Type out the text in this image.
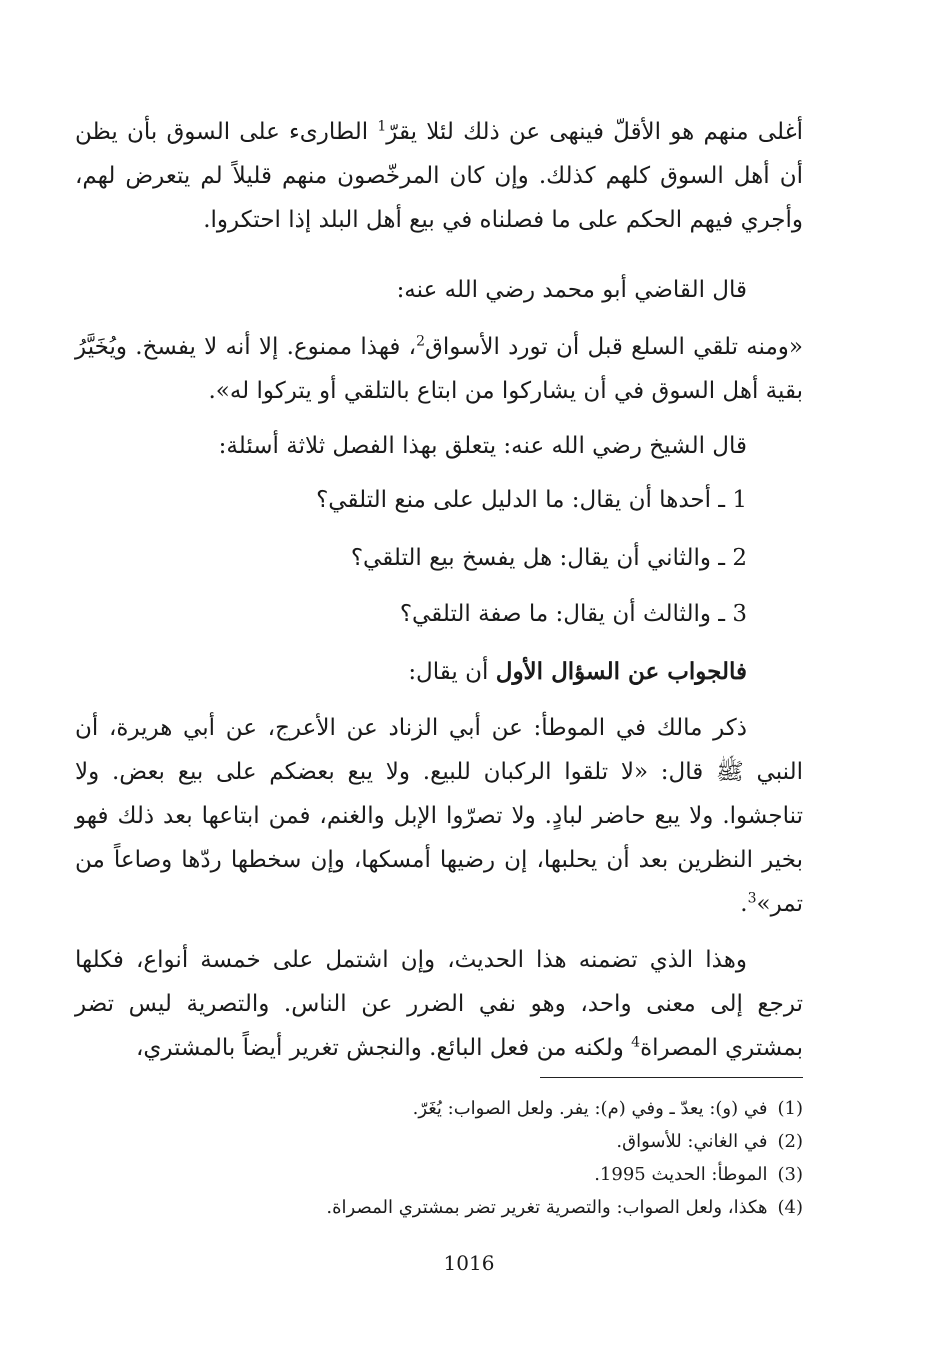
أغلى منهم هو الأقلّ فينهى عن ذلك لئلا يقرّ$^1$ الطارىء على السوق بأن يظن أن أهل السوق كلهم كذلك. وإن كان المرخّصون منهم قليلاً لم يتعرض لهم، وأجري فيهم الحكم على ما فصلناه في بيع أهل البلد إذا احتكروا.
قال القاضي أبو محمد رضي الله عنه:
«ومنه تلقي السلع قبل أن تورد الأسواق$^2$، فهذا ممنوع. إلا أنه لا يفسخ. ويُخَيَّرُ بقية أهل السوق في أن يشاركوا من ابتاع بالتلقي أو يتركوا له».
قال الشيخ رضي الله عنه: يتعلق بهذا الفصل ثلاثة أسئلة:
1 ـ أحدها أن يقال: ما الدليل على منع التلقي؟
2 ـ والثاني أن يقال: هل يفسخ بيع التلقي؟
3 ـ والثالث أن يقال: ما صفة التلقي؟
فالجواب عن السؤال الأول أن يقال:
ذكر مالك في الموطأ: عن أبي الزناد عن الأعرج، عن أبي هريرة، أن النبي ﷺ قال: «لا تلقوا الركبان للبيع. ولا يبع بعضكم على بيع بعض. ولا تناجشوا. ولا يبع حاضر لبادٍ. ولا تصرّوا الإبل والغنم، فمن ابتاعها بعد ذلك فهو بخير النظرين بعد أن يحلبها، إن رضيها أمسكها، وإن سخطها ردّها وصاعاً من تمر»$^3$.
وهذا الذي تضمنه هذا الحديث، وإن اشتمل على خمسة أنواع، فكلها ترجع إلى معنى واحد، وهو نفي الضرر عن الناس. والتصرية ليس تضر بمشتري المصراة$^4$ ولكنه من فعل البائع. والنجش تغرير أيضاً بالمشتري،
(1)في (و): يعدّ ـ وفي (م): يفر. ولعل الصواب: يُغَرّ.
(2)في الغاني: للأسواق.
(3)الموطأ: الحديث 1995.
(4)هكذا، ولعل الصواب: والتصرية تغرير تضر بمشتري المصراة.
1016
